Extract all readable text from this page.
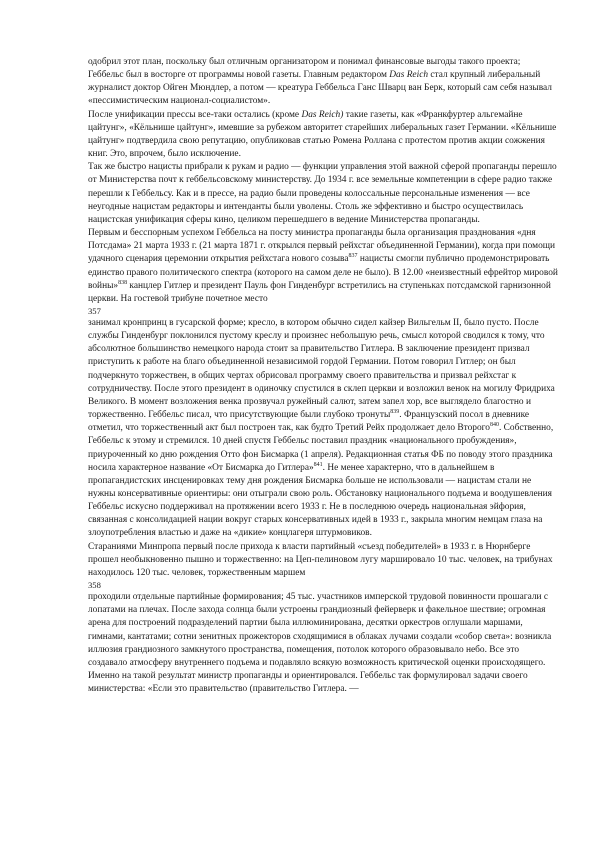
одобрил этот план, поскольку был отличным организатором и понимал финансовые выгоды такого проекта; Геббельс был в восторге от программы новой газеты. Главным редактором Das Reich стал крупный либеральный журналист доктор Ойген Мюндлер, а потом — креатура Геббельса Ганс Шварц ван Берк, который сам себя называл «пессимистическим национал-социалистом».

После унификации прессы все-таки остались (кроме Das Reich) такие газеты, как «Франкфуртер альгемайне цайтунг», «Кёльнише цайтунг», имевшие за рубежом авторитет старейших либеральных газет Германии. «Кёльнише цайтунг» подтвердила свою репутацию, опубликовав статью Ромена Роллана с протестом против акции сожжения книг. Это, впрочем, было исключение.

Так же быстро нацисты прибрали к рукам и радио — функции управления этой важной сферой пропаганды перешло от Министерства почт к геббельсовскому министерству. До 1934 г. все земельные компетенции в сфере радио также перешли к Геббельсу. Как и в прессе, на радио были проведены колоссальные персональные изменения — все неугодные нацистам редакторы и интенданты были уволены. Столь же эффективно и быстро осуществилась нацистская унификация сферы кино, целиком перешедшего в ведение Министерства пропаганды.

Первым и бесспорным успехом Геббельса на посту министра пропаганды была организация празднования «дня Потсдама» 21 марта 1933 г. (21 марта 1871 г. открылся первый рейхстаг объединенной Германии), когда при помощи удачного сценария церемонии открытия рейхстага нового созыва$^{837}$ нацисты смогли публично продемонстрировать единство правого политического спектра (которого на самом деле не было). В 12.00 «неизвестный ефрейтор мировой войны»$^{838}$ канцлер Гитлер и президент Пауль фон Гинденбург встретились на ступеньках потсдамской гарнизонной церкви. На гостевой трибуне почетное место

357

занимал кронпринц в гусарской форме; кресло, в котором обычно сидел кайзер Вильгельм II, было пусто. После службы Гинденбург поклонился пустому креслу и произнес небольшую речь, смысл которой сводился к тому, что абсолютное большинство немецкого народа стоит за правительство Гитлера. В заключение президент призвал приступить к работе на благо объединенной независимой гордой Германии. Потом говорил Гитлер; он был подчеркнуто торжествен, в общих чертах обрисовал программу своего правительства и призвал рейхстаг к сотрудничеству. После этого президент в одиночку спустился в склеп церкви и возложил венок на могилу Фридриха Великого. В момент возложения венка прозвучал ружейный салют, затем запел хор, все выглядело благостно и торжественно. Геббельс писал, что присутствующие были глубоко тронуты$^{839}$. Французский посол в дневнике отметил, что торжественный акт был построен так, как будто Третий Рейх продолжает дело Второго$^{840}$. Собственно, Геббельс к этому и стремился. 10 дней спустя Геббельс поставил праздник «национального пробуждения», приуроченный ко дню рождения Отто фон Бисмарка (1 апреля). Редакционная статья ФБ по поводу этого праздника носила характерное название «От Бисмарка до Гитлера»$^{841}$. Не менее характерно, что в дальнейшем в пропагандистских инсценировках тему дня рождения Бисмарка больше не использовали — нацистам стали не нужны консервативные ориентиры: они отыграли свою роль. Обстановку национального подъема и воодушевления Геббельс искусно поддерживал на протяжении всего 1933 г. Не в последнюю очередь национальная эйфория, связанная с консолидацией нации вокруг старых консервативных идей в 1933 г., закрыла многим немцам глаза на злоупотребления властью и даже на «дикие» концлагеря штурмовиков.

Стараниями Минпропа первый после прихода к власти партийный «съезд победителей» в 1933 г. в Нюрнберге прошел необыкновенно пышно и торжественно: на Цеп-пелиновом лугу маршировало 10 тыс. человек, на трибунах находилось 120 тыс. человек, торжественным маршем

358

проходили отдельные партийные формирования; 45 тыс. участников имперской трудовой повинности прошагали с лопатами на плечах. После захода солнца были устроены грандиозный фейерверк и факельное шествие; огромная арена для построений подразделений партии была иллюминирована, десятки оркестров оглушали маршами, гимнами, кантатами; сотни зенитных прожекторов сходящимися в облаках лучами создали «собор света»: возникла иллюзия грандиозного замкнутого пространства, помещения, потолок которого образовывало небо. Все это создавало атмосферу внутреннего подъема и подавляло всякую возможность критической оценки происходящего. Именно на такой результат министр пропаганды и ориентировался. Геббельс так формулировал задачи своего министерства: «Если это правительство (правительство Гитлера. —
